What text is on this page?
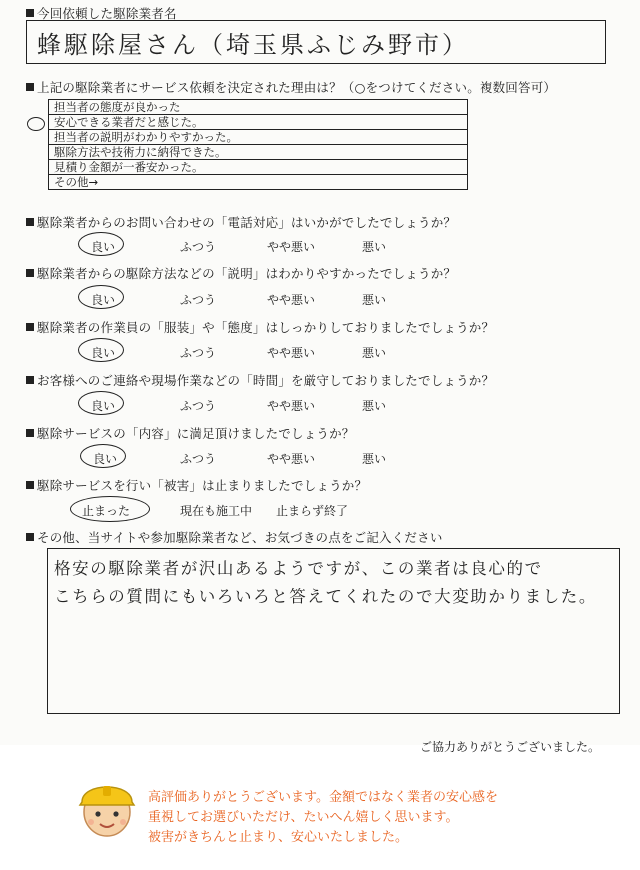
今回依頼した駆除業者名
蜂駆除屋さん（埼玉県ふじみ野市）
上記の駆除業者にサービス依頼を決定された理由は？（○をつけてください。複数回答可）
担当者の態度が良かった
安心できる業者だと感じた。
担当者の説明がわかりやすかった。
駆除方法や技術力に納得できた。
見積り金額が一番安かった。
その他→
駆除業者からのお問い合わせの「電話対応」はいかがでしたでしょうか？
良い	ふつう	やや悪い	悪い
駆除業者からの駆除方法などの「説明」はわかりやすかったでしょうか？
良い	ふつう	やや悪い	悪い
駆除業者の作業員の「服装」や「態度」はしっかりしておりましたでしょうか？
良い	ふつう	やや悪い	悪い
お客様へのご連絡や現場作業などの「時間」を厳守しておりましたでしょうか？
良い	ふつう	やや悪い	悪い
駆除サービスの「内容」に満足頂けましたでしょうか？
良い	ふつう	やや悪い	悪い
駆除サービスを行い「被害」は止まりましたでしょうか？
止まった	現在も施工中 止まらず終了
その他、当サイトや参加駆除業者など、お気づきの点をご記入ください
格安の駆除業者が沢山あるようですが、この業者は良心的で
こちらの質問にもいろいろと答えてくれたので大変助かりました。
ご協力ありがとうございました。
高評価ありがとうございます。金額ではなく業者の安心感を
重視してお選びいただけ、たいへん嬉しく思います。
被害がきちんと止まり、安心いたしました。
